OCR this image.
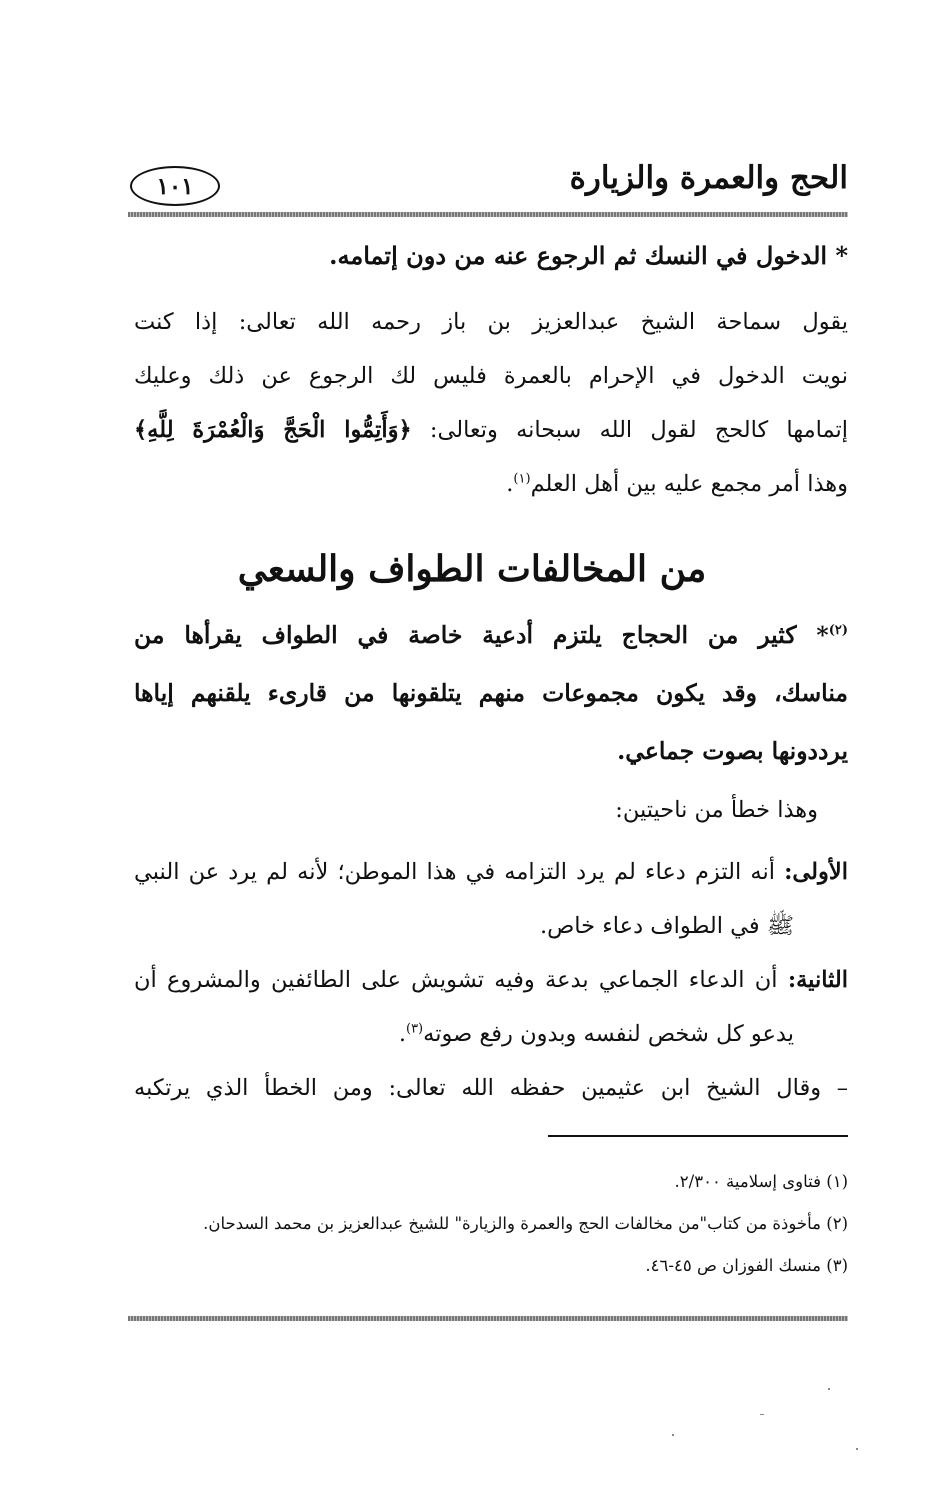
الحج والعمرة والزيارة
١٠١
* الدخول في النسك ثم الرجوع عنه من دون إتمامه.
يقول سماحة الشيخ عبدالعزيز بن باز رحمه الله تعالى: إذا كنت
نويت الدخول في الإحرام بالعمرة فليس لك الرجوع عن ذلك وعليك
إتمامها كالحج لقول الله سبحانه وتعالى: ﴿وَأَتِمُّوا الْحَجَّ وَالْعُمْرَةَ لِلَّهِ﴾
وهذا أمر مجمع عليه بين أهل العلم$^{(١)}$.
من المخالفات الطواف والسعي
$^{(٢)}$* كثير من الحجاج يلتزم أدعية خاصة في الطواف يقرأها من
مناسك، وقد يكون مجموعات منهم يتلقونها من قارىء يلقنهم إياها
يرددونها بصوت جماعي.
وهذا خطأ من ناحيتين:
الأولى: أنه التزم دعاء لم يرد التزامه في هذا الموطن؛ لأنه لم يرد عن النبي
ﷺ في الطواف دعاء خاص.
الثانية: أن الدعاء الجماعي بدعة وفيه تشويش على الطائفين والمشروع أن
يدعو كل شخص لنفسه وبدون رفع صوته$^{(٣)}$.
– وقال الشيخ ابن عثيمين حفظه الله تعالى: ومن الخطأ الذي يرتكبه
(١) فتاوى إسلامية ٢/٣٠٠.
(٢) مأخوذة من كتاب"من مخالفات الحج والعمرة والزيارة" للشيخ عبدالعزيز بن محمد السدحان.
(٣) منسك الفوزان ص ٤٥-٤٦.
